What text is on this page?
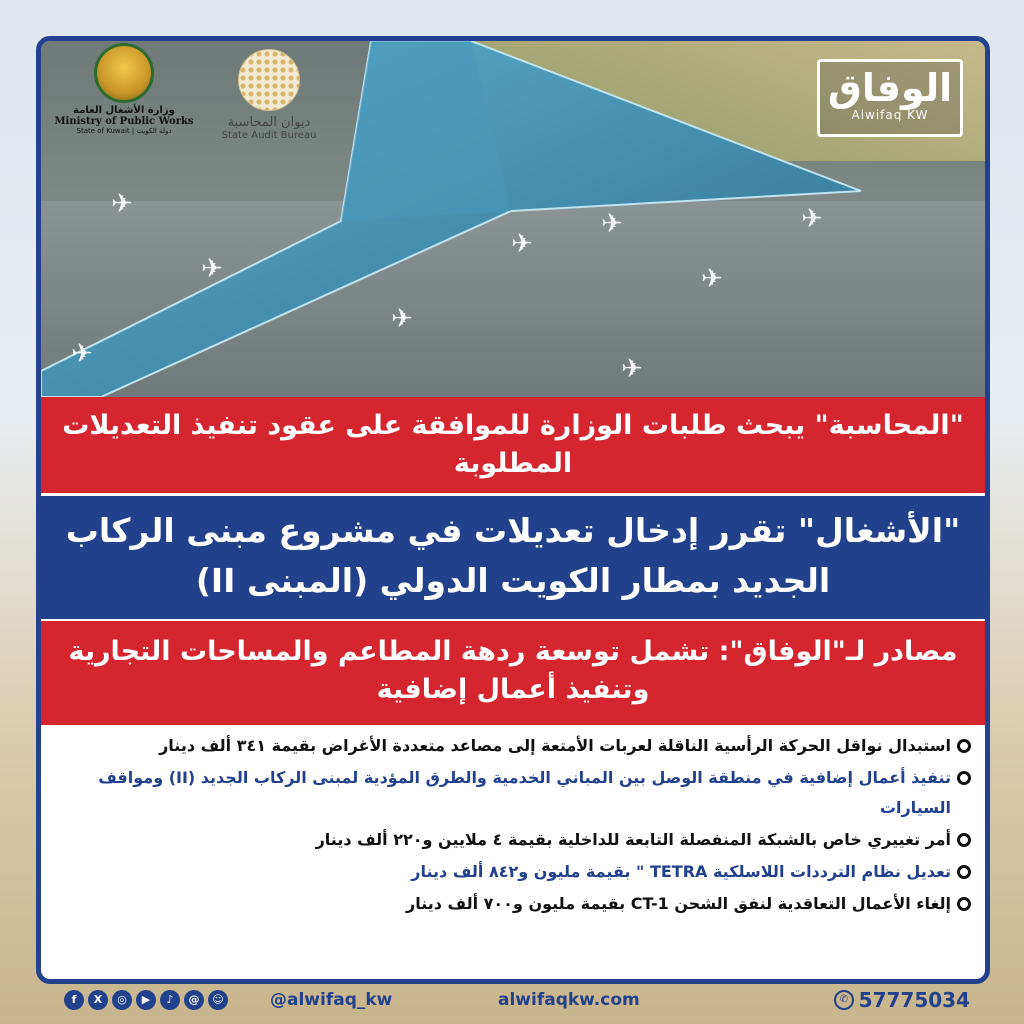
✈
✈
✈
✈
✈
✈
✈
✈
✈
وزارة الأشغال العامة
Ministry of Public Works
State of Kuwait | دولة الكويت
ديوان المحاسبة
State Audit Bureau
الوفاق
Alwifaq KW
"المحاسبة" يبحث طلبات الوزارة للموافقة على عقود تنفيذ التعديلات المطلوبة
"الأشغال" تقرر إدخال تعديلات في مشروع مبنى الركاب الجديد بمطار الكويت الدولي (المبنى II)
مصادر لـ"الوفاق": تشمل توسعة ردهة المطاعم والمساحات التجارية وتنفيذ أعمال إضافية
استبدال نواقل الحركة الرأسية الناقلة لعربات الأمتعة إلى مصاعد متعددة الأغراض بقيمة ٣٤١ ألف دينار
تنفيذ أعمال إضافية في منطقة الوصل بين المباني الخدمية والطرق المؤدية لمبنى الركاب الجديد (II) ومواقف السيارات
أمر تغييري خاص بالشبكة المنفصلة التابعة للداخلية بقيمة ٤ ملايين و٢٢٠ ألف دينار
تعديل نظام الترددات اللاسلكية TETRA " بقيمة مليون و٨٤٢ ألف دينار
إلغاء الأعمال التعاقدية لنفق الشحن CT-1 بقيمة مليون و٧٠٠ ألف دينار
f	X	◎	▶	♪	@	☺	@alwifaq_kw	alwifaqkw.com	✆ 57775034
